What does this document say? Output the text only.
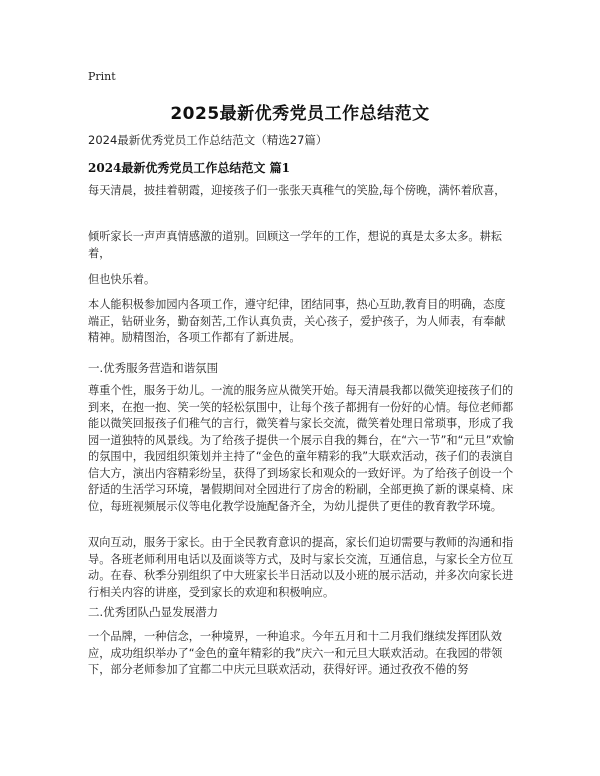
Print
2025最新优秀党员工作总结范文
2024最新优秀党员工作总结范文（精选27篇）
2024最新优秀党员工作总结范文 篇1

每天清晨，披挂着朝霞，迎接孩子们一张张天真稚气的笑脸,每个傍晚，满怀着欣喜，

倾听家长一声声真情感激的道别。回顾这一学年的工作，想说的真是太多太多。耕耘着，

但也快乐着。

本人能积极参加园内各项工作，遵守纪律，团结同事，热心互助,教育目的明确，态度端正，钻研业务，勤奋刻苦,工作认真负责，关心孩子，爱护孩子，为人师表，有奉献精神。励精图治，各项工作都有了新进展。

一.优秀服务营造和谐氛围

尊重个性，服务于幼儿。一流的服务应从微笑开始。每天清晨我都以微笑迎接孩子们的到来，在抱一抱、笑一笑的轻松氛围中，让每个孩子都拥有一份好的心情。每位老师都能以微笑回报孩子们稚气的言行，微笑着与家长交流，微笑着处理日常琐事，形成了我园一道独特的风景线。为了给孩子提供一个展示自我的舞台，在“六一节”和“元旦”欢愉的氛围中，我园组织策划并主持了“金色的童年精彩的我”大联欢活动，孩子们的表演自信大方，演出内容精彩纷呈，获得了到场家长和观众的一致好评。为了给孩子创设一个舒适的生活学习环境，暑假期间对全园进行了房舍的粉刷，全部更换了新的课桌椅、床位，每班视频展示仪等电化教学设施配备齐全，为幼儿提供了更佳的教育教学环境。

双向互动，服务于家长。由于全民教育意识的提高，家长们迫切需要与教师的沟通和指导。各班老师利用电话以及面谈等方式，及时与家长交流，互通信息，与家长全方位互动。在春、秋季分别组织了中大班家长半日活动以及小班的展示活动，并多次向家长进行相关内容的讲座，受到家长的欢迎和积极响应。

二.优秀团队凸显发展潜力

一个品牌，一种信念，一种境界，一种追求。今年五月和十二月我们继续发挥团队效应，成功组织举办了“金色的童年精彩的我”庆六一和元旦大联欢活动。在我园的带领下，部分老师参加了宜都二中庆元旦联欢活动，获得好评。通过孜孜不倦的努
